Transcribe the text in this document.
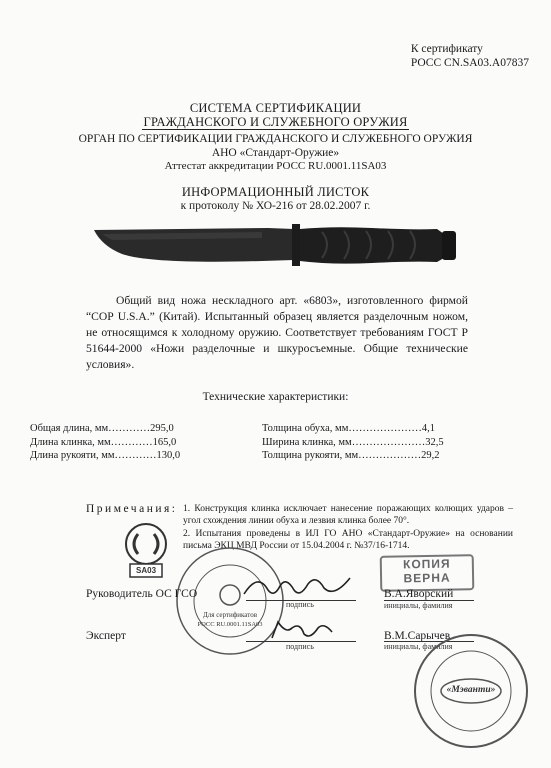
К сертификату
РОСС CN.SA03.A07837
СИСТЕМА СЕРТИФИКАЦИИ
ГРАЖДАНСКОГО И СЛУЖЕБНОГО ОРУЖИЯ
ОРГАН ПО СЕРТИФИКАЦИИ ГРАЖДАНСКОГО И СЛУЖЕБНОГО ОРУЖИЯ
АНО «Стандарт-Оружие»
Аттестат аккредитации РОСС RU.0001.11SA03
ИНФОРМАЦИОННЫЙ ЛИСТОК
к протоколу № ХО-216 от 28.02.2007 г.
Общий вид ножа нескладного арт. «6803», изготовленного фирмой “COP U.S.A.” (Китай). Испытанный образец является разделочным ножом, не относящимся к холодному оружию. Соответствует требованиям ГОСТ Р 51644-2000 «Ножи разделочные и шкуросъемные. Общие технические условия».
Технические характеристики:
Общая длина, мм…………295,0
Длина клинка, мм…………165,0
Длина рукояти, мм…………130,0
Толщина обуха, мм…………………4,1
Ширина клинка, мм…………………32,5
Толщина рукояти, мм………………29,2
Примечания: 1. Конструкция клинка исключает нанесение поражающих колющих ударов – угол схождения линии обуха и лезвия клинка более 70°.
2. Испытания проведены в ИЛ ГО АНО «Стандарт-Оружие» на основании письма ЭКЦ МВД России от 15.04.2004 г. №37/16-1714.
SA03	КОПИЯ
ВЕРНА
Для сертификатов
РОСС RU.0001.11SA03
Руководитель ОС ГСО
подпись
В.А.Яворский
инициалы, фамилия
Эксперт
подпись
В.М.Сарычев
инициалы, фамилия
«Мэванти»
